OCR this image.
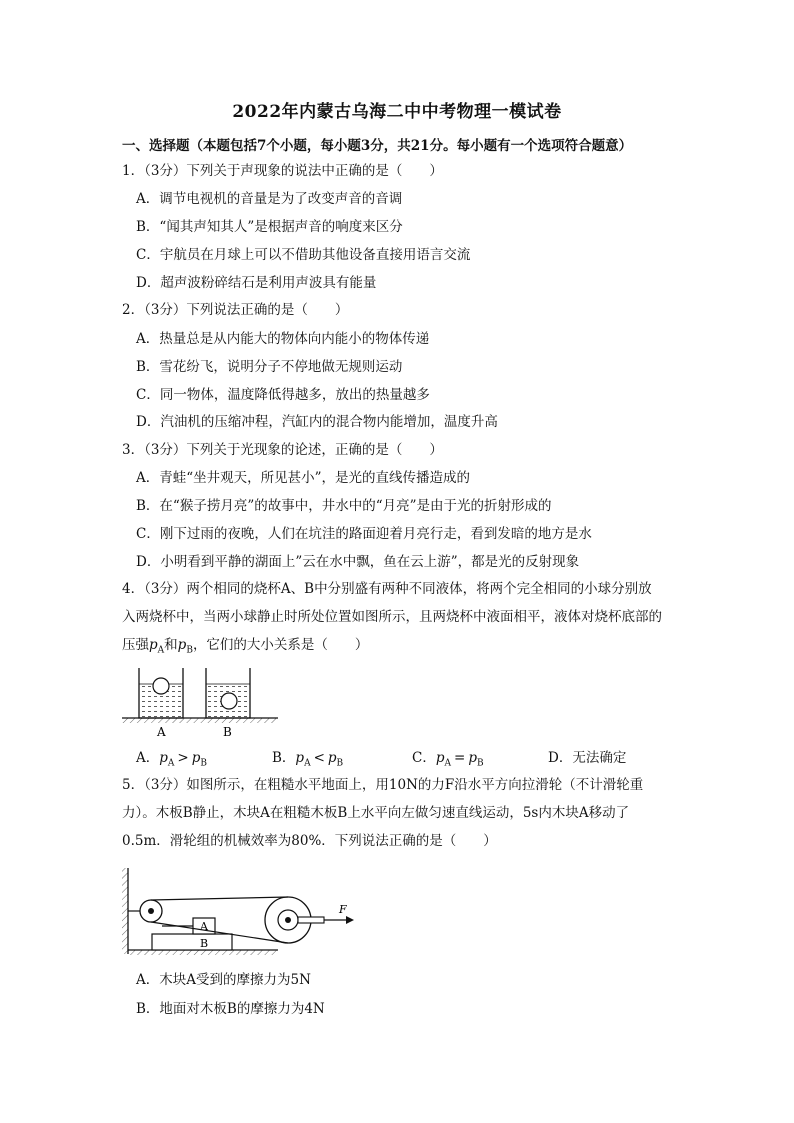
2022年内蒙古乌海二中中考物理一模试卷
一、选择题（本题包括7个小题，每小题3分，共21分。每小题有一个选项符合题意）
1．（3分）下列关于声现象的说法中正确的是（　　）
A．调节电视机的音量是为了改变声音的音调
B．“闻其声知其人”是根据声音的响度来区分
C．宇航员在月球上可以不借助其他设备直接用语言交流
D．超声波粉碎结石是利用声波具有能量
2．（3分）下列说法正确的是（　　）
A．热量总是从内能大的物体向内能小的物体传递
B．雪花纷飞，说明分子不停地做无规则运动
C．同一物体，温度降低得越多，放出的热量越多
D．汽油机的压缩冲程，汽缸内的混合物内能增加，温度升高
3．（3分）下列关于光现象的论述，正确的是（　　）
A．青蛙“坐井观天，所见甚小”，是光的直线传播造成的
B．在“猴子捞月亮”的故事中，井水中的“月亮”是由于光的折射形成的
C．刚下过雨的夜晚，人们在坑洼的路面迎着月亮行走，看到发暗的地方是水
D．小明看到平静的湖面上”云在水中飘，鱼在云上游”，都是光的反射现象
4．（3分）两个相同的烧杯A、B中分别盛有两种不同液体，将两个完全相同的小球分别放
入两烧杯中，当两小球静止时所处位置如图所示，且两烧杯中液面相平，液体对烧杯底部的
压强$p_A$和$p_B$，它们的大小关系是（　　）
A	B
A．$p_A > p_B$	B．$p_A < p_B$	C．$p_A = p_B$	D．无法确定
5．（3分）如图所示，在粗糙水平地面上，用10N的力F沿水平方向拉滑轮（不计滑轮重
力）。木板B静止，木块A在粗糙木板B上水平向左做匀速直线运动，5s内木块A移动了
0.5m．滑轮组的机械效率为80%．下列说法正确的是（　　）
B
A
F
A．木块A受到的摩擦力为5N
B．地面对木板B的摩擦力为4N
